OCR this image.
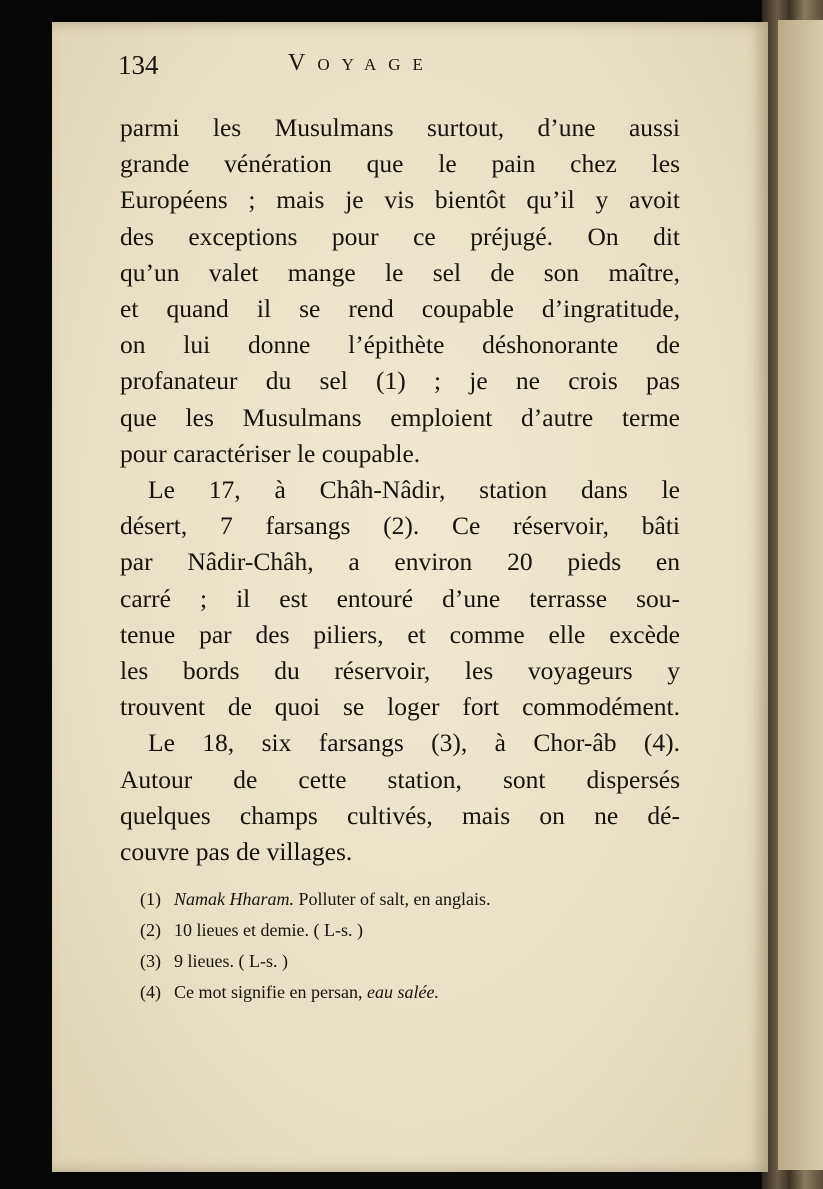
134	Voyage
parmi les Musulmans surtout, d’une aussi
grande vénération que le pain chez les
Européens ; mais je vis bientôt qu’il y avoit
des exceptions pour ce préjugé. On dit
qu’un valet mange le sel de son maître,
et quand il se rend coupable d’ingratitude,
on lui donne l’épithète déshonorante de
profanateur du sel (1) ; je ne crois pas
que les Musulmans emploient d’autre terme
pour caractériser le coupable.
Le 17, à Châh-Nâdir, station dans le
désert, 7 farsangs (2). Ce réservoir, bâti
par Nâdir-Châh, a environ 20 pieds en
carré ; il est entouré d’une terrasse sou-
tenue par des piliers, et comme elle excède
les bords du réservoir, les voyageurs y
trouvent de quoi se loger fort commodément.
Le 18, six farsangs (3), à Chor-âb (4).
Autour de cette station, sont dispersés
quelques champs cultivés, mais on ne dé-
couvre pas de villages.
(1) Namak Hharam. Polluter of salt, en anglais.
(2) 10 lieues et demie. ( L-s. )
(3) 9 lieues. ( L-s. )
(4) Ce mot signifie en persan, eau salée.
